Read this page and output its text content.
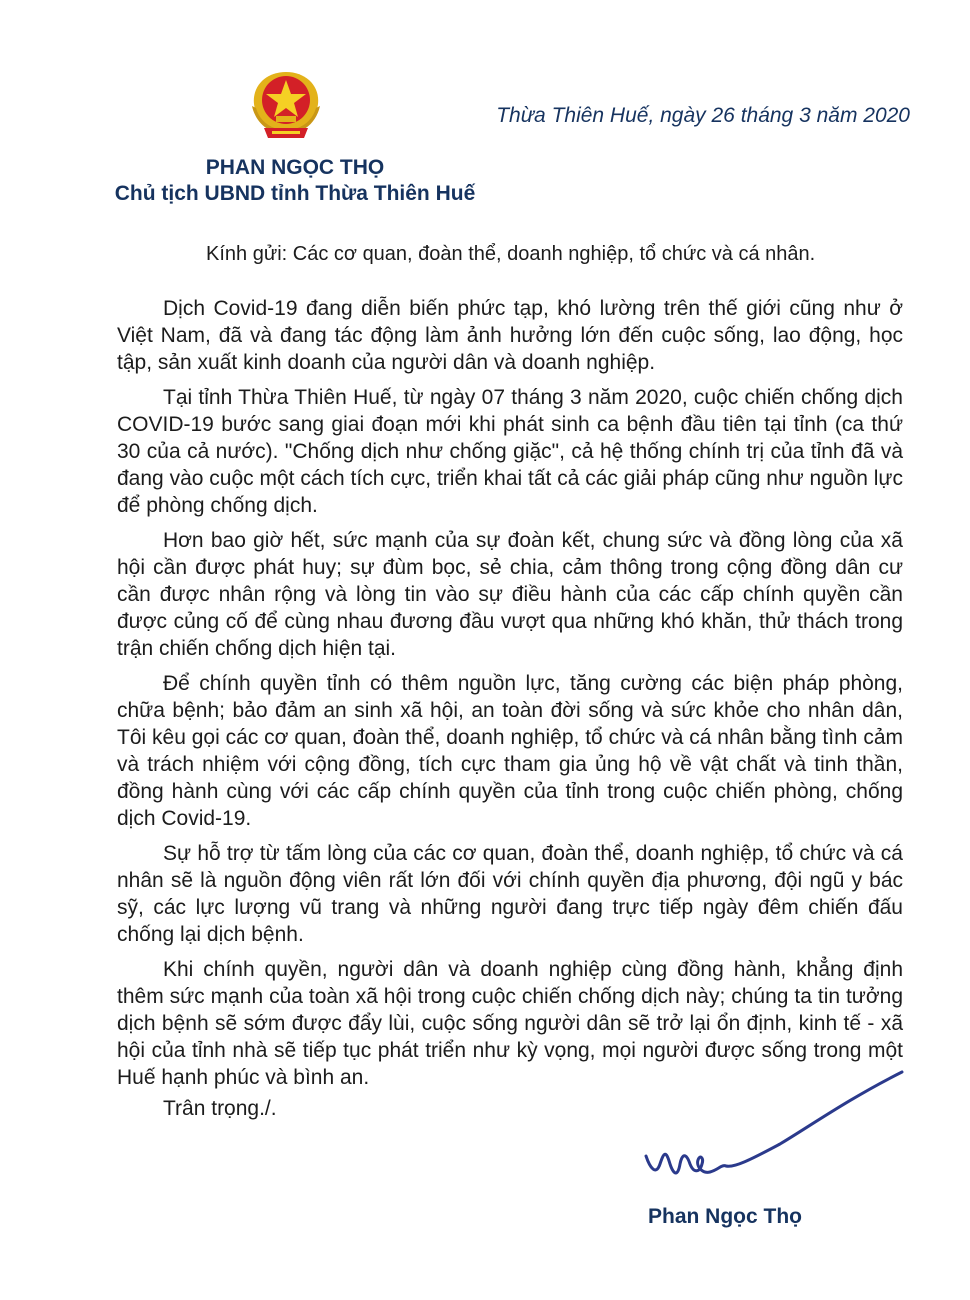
Thừa Thiên Huế, ngày 26 tháng 3 năm 2020
PHAN NGỌC THỌ
Chủ tịch UBND tỉnh Thừa Thiên Huế
Kính gửi: Các cơ quan, đoàn thể, doanh nghiệp, tổ chức và cá nhân.

Dịch Covid-19 đang diễn biến phức tạp, khó lường trên thế giới cũng như ở Việt Nam, đã và đang tác động làm ảnh hưởng lớn đến cuộc sống, lao động, học tập, sản xuất kinh doanh của người dân và doanh nghiệp.

Tại tỉnh Thừa Thiên Huế, từ ngày 07 tháng 3 năm 2020, cuộc chiến chống dịch COVID-19 bước sang giai đoạn mới khi phát sinh ca bệnh đầu tiên tại tỉnh (ca thứ 30 của cả nước). "Chống dịch như chống giặc", cả hệ thống chính trị của tỉnh đã và đang vào cuộc một cách tích cực, triển khai tất cả các giải pháp cũng như nguồn lực để phòng chống dịch.

Hơn bao giờ hết, sức mạnh của sự đoàn kết, chung sức và đồng lòng của xã hội cần được phát huy; sự đùm bọc, sẻ chia, cảm thông trong cộng đồng dân cư cần được nhân rộng và lòng tin vào sự điều hành của các cấp chính quyền cần được củng cố để cùng nhau đương đầu vượt qua những khó khăn, thử thách trong trận chiến chống dịch hiện tại.

Để chính quyền tỉnh có thêm nguồn lực, tăng cường các biện pháp phòng, chữa bệnh; bảo đảm an sinh xã hội, an toàn đời sống và sức khỏe cho nhân dân, Tôi kêu gọi các cơ quan, đoàn thể, doanh nghiệp, tổ chức và cá nhân bằng tình cảm và trách nhiệm với cộng đồng, tích cực tham gia ủng hộ về vật chất và tinh thần, đồng hành cùng với các cấp chính quyền của tỉnh trong cuộc chiến phòng, chống dịch Covid-19.

Sự hỗ trợ từ tấm lòng của các cơ quan, đoàn thể, doanh nghiệp, tổ chức và cá nhân sẽ là nguồn động viên rất lớn đối với chính quyền địa phương, đội ngũ y bác sỹ, các lực lượng vũ trang và những người đang trực tiếp ngày đêm chiến đấu chống lại dịch bệnh.

Khi chính quyền, người dân và doanh nghiệp cùng đồng hành, khẳng định thêm sức mạnh của toàn xã hội trong cuộc chiến chống dịch này; chúng ta tin tưởng dịch bệnh sẽ sớm được đẩy lùi, cuộc sống người dân sẽ trở lại ổn định, kinh tế - xã hội của tỉnh nhà sẽ tiếp tục phát triển như kỳ vọng, mọi người được sống trong một Huế hạnh phúc và bình an.

Trân trọng./.
Phan Ngọc Thọ
